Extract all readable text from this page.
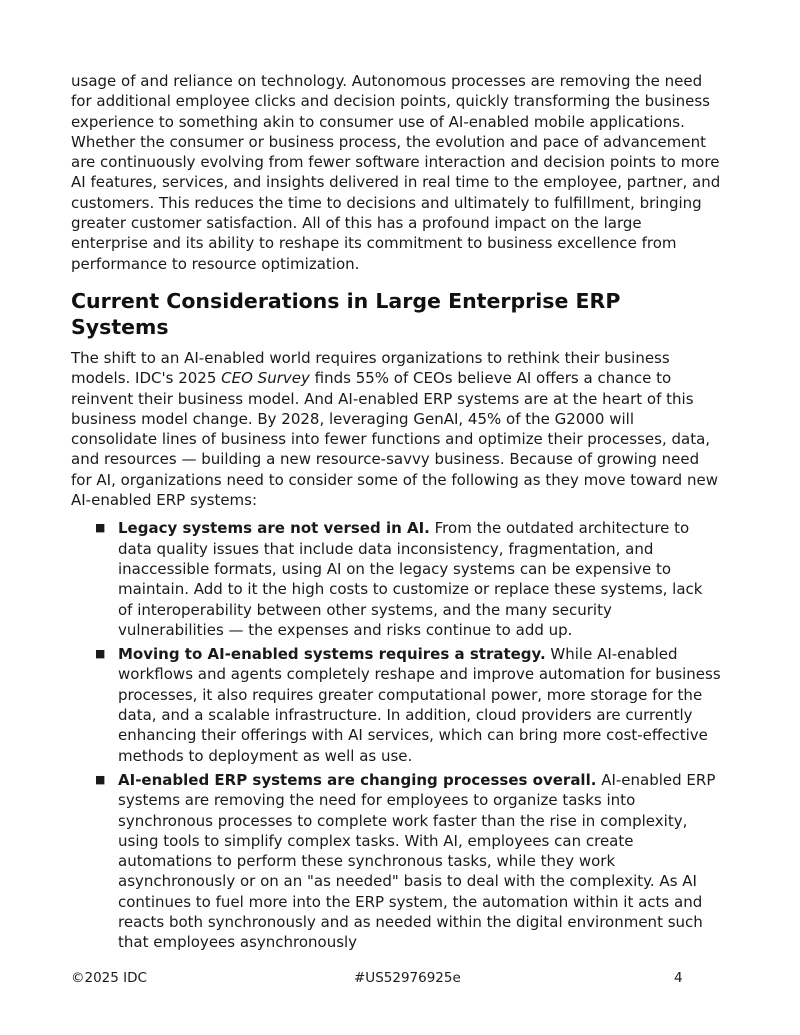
usage of and reliance on technology. Autonomous processes are removing the need for additional employee clicks and decision points, quickly transforming the business experience to something akin to consumer use of AI-enabled mobile applications. Whether the consumer or business process, the evolution and pace of advancement are continuously evolving from fewer software interaction and decision points to more AI features, services, and insights delivered in real time to the employee, partner, and customers. This reduces the time to decisions and ultimately to fulfillment, bringing greater customer satisfaction. All of this has a profound impact on the large enterprise and its ability to reshape its commitment to business excellence from performance to resource optimization.

Current Considerations in Large Enterprise ERP Systems

The shift to an AI-enabled world requires organizations to rethink their business models. IDC's 2025 CEO Survey finds 55% of CEOs believe AI offers a chance to reinvent their business model. And AI-enabled ERP systems are at the heart of this business model change. By 2028, leveraging GenAI, 45% of the G2000 will consolidate lines of business into fewer functions and optimize their processes, data, and resources — building a new resource-savvy business. Because of growing need for AI, organizations need to consider some of the following as they move toward new AI-enabled ERP systems:

■ Legacy systems are not versed in AI. From the outdated architecture to data quality issues that include data inconsistency, fragmentation, and inaccessible formats, using AI on the legacy systems can be expensive to maintain. Add to it the high costs to customize or replace these systems, lack of interoperability between other systems, and the many security vulnerabilities — the expenses and risks continue to add up.
■ Moving to AI-enabled systems requires a strategy. While AI-enabled workflows and agents completely reshape and improve automation for business processes, it also requires greater computational power, more storage for the data, and a scalable infrastructure. In addition, cloud providers are currently enhancing their offerings with AI services, which can bring more cost-effective methods to deployment as well as use.
■ AI-enabled ERP systems are changing processes overall. AI-enabled ERP systems are removing the need for employees to organize tasks into synchronous processes to complete work faster than the rise in complexity, using tools to simplify complex tasks. With AI, employees can create automations to perform these synchronous tasks, while they work asynchronously or on an "as needed" basis to deal with the complexity. As AI continues to fuel more into the ERP system, the automation within it acts and reacts both synchronously and as needed within the digital environment such that employees asynchronously
©2025 IDC	#US52976925e	4
